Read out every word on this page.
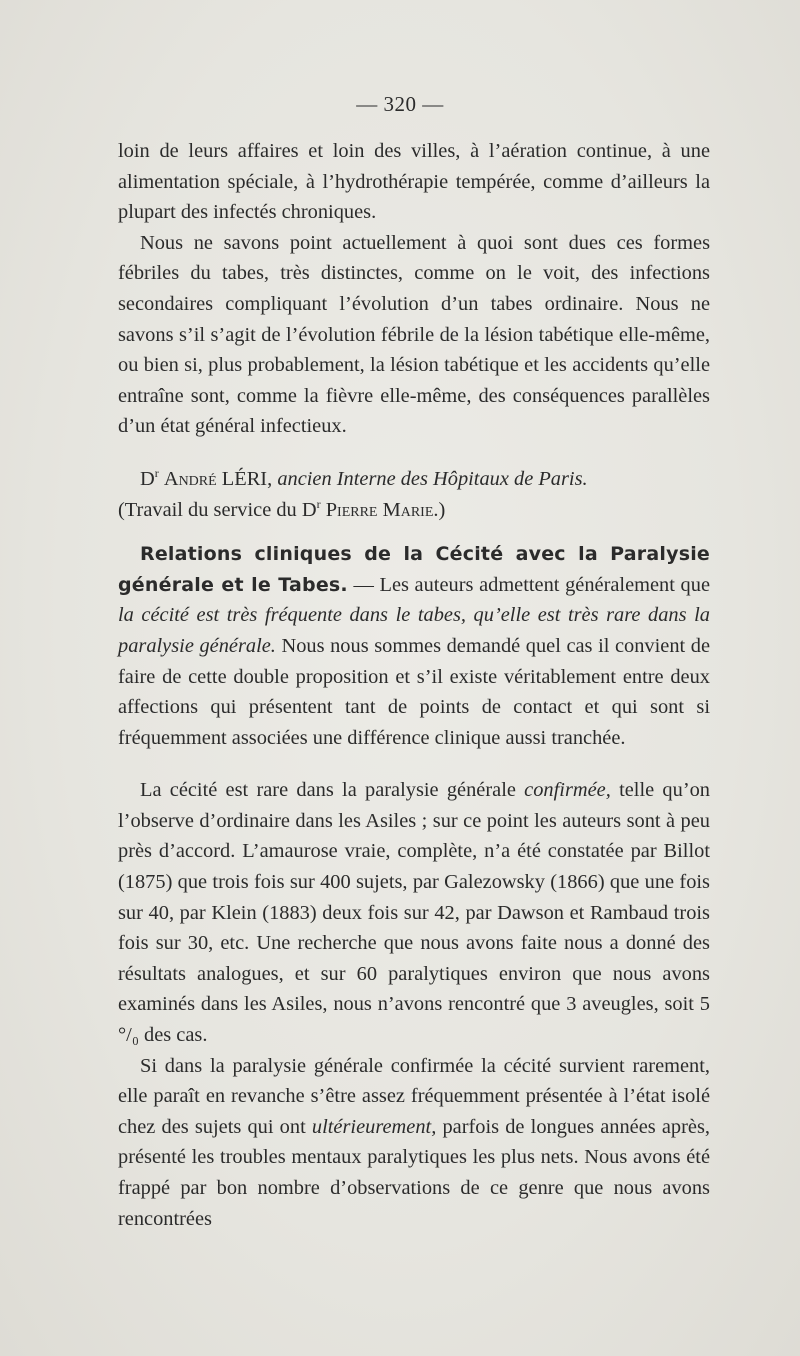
— 320 —

loin de leurs affaires et loin des villes, à l’aération continue, à une alimentation spéciale, à l’hydrothérapie tempérée, comme d’ailleurs la plupart des infectés chroniques.

Nous ne savons point actuellement à quoi sont dues ces formes fébriles du tabes, très distinctes, comme on le voit, des infections secondaires compliquant l’évolution d’un tabes ordinaire. Nous ne savons s’il s’agit de l’évolution fébrile de la lésion tabétique elle-même, ou bien si, plus probablement, la lésion tabétique et les accidents qu’elle entraîne sont, comme la fièvre elle-même, des conséquences parallèles d’un état général infectieux.

$D^r$ André LÉRI, ancien Interne des Hôpitaux de Paris.

(Travail du service du $D^r$ Pierre Marie.)

Relations cliniques de la Cécité avec la Paralysie générale et le Tabes. — Les auteurs admettent généralement que la cécité est très fréquente dans le tabes, qu’elle est très rare dans la paralysie générale. Nous nous sommes demandé quel cas il convient de faire de cette double proposition et s’il existe véritablement entre deux affections qui présentent tant de points de contact et qui sont si fréquemment associées une différence clinique aussi tranchée.

La cécité est rare dans la paralysie générale confirmée, telle qu’on l’observe d’ordinaire dans les Asiles ; sur ce point les auteurs sont à peu près d’accord. L’amaurose vraie, complète, n’a été constatée par Billot (1875) que trois fois sur 400 sujets, par Galezowsky (1866) que une fois sur 40, par Klein (1883) deux fois sur 42, par Dawson et Rambaud trois fois sur 30, etc. Une recherche que nous avons faite nous a donné des résultats analogues, et sur 60 paralytiques environ que nous avons examinés dans les Asiles, nous n’avons rencontré que 3 aveugles, soit 5 °/₀ des cas.

Si dans la paralysie générale confirmée la cécité survient rarement, elle paraît en revanche s’être assez fréquemment présentée à l’état isolé chez des sujets qui ont ultérieurement, parfois de longues années après, présenté les troubles mentaux paralytiques les plus nets. Nous avons été frappé par bon nombre d’observations de ce genre que nous avons rencontrées
